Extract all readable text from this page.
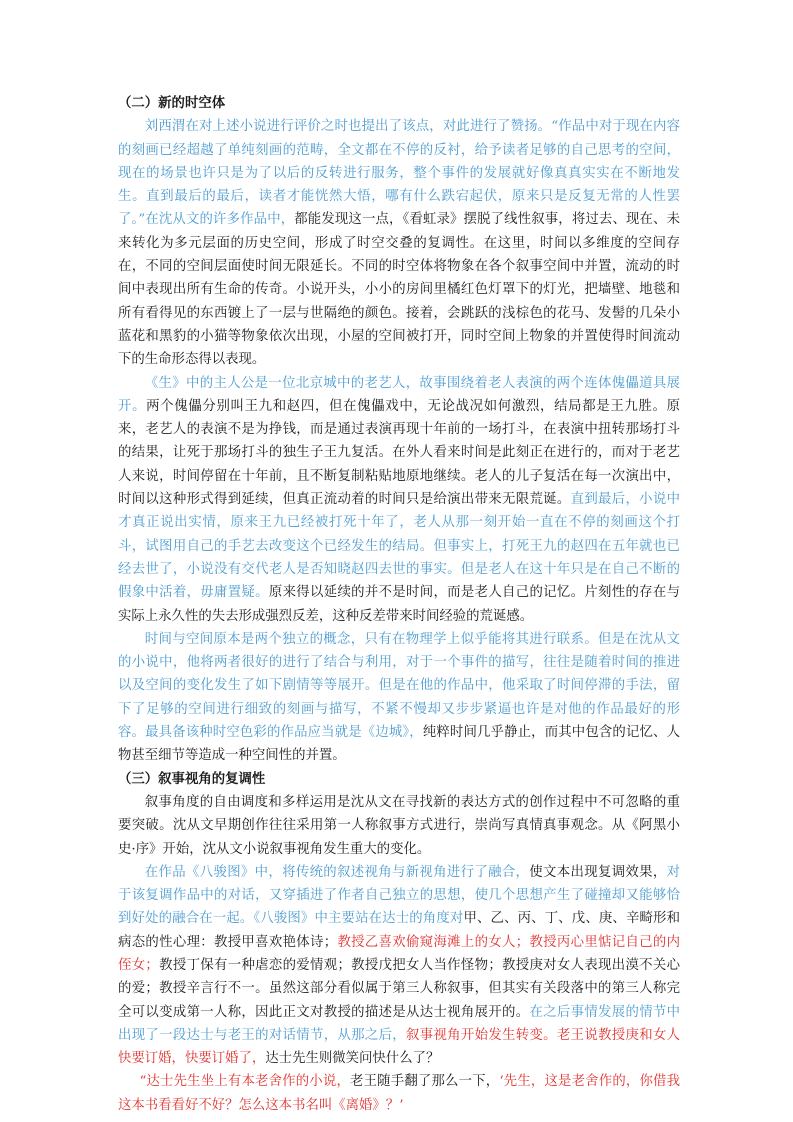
（二）新的时空体

刘西渭在对上述小说进行评价之时也提出了该点，对此进行了赞扬。“作品中对于现在内容的刻画已经超越了单纯刻画的范畴，全文都在不停的反衬，给予读者足够的自己思考的空间，现在的场景也许只是为了以后的反转进行服务，整个事件的发展就好像真真实实在不断地发生。直到最后的最后，读者才能恍然大悟，哪有什么跌宕起伏，原来只是反复无常的人性罢了。”在沈从文的许多作品中，都能发现这一点，《看虹录》摆脱了线性叙事，将过去、现在、未来转化为多元层面的历史空间，形成了时空交叠的复调性。在这里，时间以多维度的空间存在，不同的空间层面使时间无限延长。不同的时空体将物象在各个叙事空间中并置，流动的时间中表现出所有生命的传奇。小说开头，小小的房间里橘红色灯罩下的灯光，把墙壁、地毯和所有看得见的东西镀上了一层与世隔绝的颜色。接着，会跳跃的浅棕色的花马、发髻的几朵小蓝花和黑豹的小猫等物象依次出现，小屋的空间被打开，同时空间上物象的并置使得时间流动下的生命形态得以表现。

《生》中的主人公是一位北京城中的老艺人，故事围绕着老人表演的两个连体傀儡道具展开。两个傀儡分别叫王九和赵四，但在傀儡戏中，无论战况如何激烈，结局都是王九胜。原来，老艺人的表演不是为挣钱，而是通过表演再现十年前的一场打斗，在表演中扭转那场打斗的结果，让死于那场打斗的独生子王九复活。在外人看来时间是此刻正在进行的，而对于老艺人来说，时间停留在十年前，且不断复制粘贴地原地继续。老人的儿子复活在每一次演出中，时间以这种形式得到延续，但真正流动着的时间只是给演出带来无限荒诞。直到最后，小说中才真正说出实情，原来王九已经被打死十年了，老人从那一刻开始一直在不停的刻画这个打斗，试图用自己的手艺去改变这个已经发生的结局。但事实上，打死王九的赵四在五年就也已经去世了，小说没有交代老人是否知晓赵四去世的事实。但是老人在这十年只是在自己不断的假象中活着，毋庸置疑。原来得以延续的并不是时间，而是老人自己的记忆。片刻性的存在与实际上永久性的失去形成强烈反差，这种反差带来时间经验的荒诞感。

时间与空间原本是两个独立的概念，只有在物理学上似乎能将其进行联系。但是在沈从文的小说中，他将两者很好的进行了结合与利用，对于一个事件的描写，往往是随着时间的推进以及空间的变化发生了如下剧情等等展开。但是在他的作品中，他采取了时间停滞的手法，留下了足够的空间进行细致的刻画与描写，不紧不慢却又步步紧逼也许是对他的作品最好的形容。最具备该种时空色彩的作品应当就是《边城》，纯粹时间几乎静止，而其中包含的记忆、人物甚至细节等造成一种空间性的并置。

（三）叙事视角的复调性

叙事角度的自由调度和多样运用是沈从文在寻找新的表达方式的创作过程中不可忽略的重要突破。沈从文早期创作往往采用第一人称叙事方式进行，崇尚写真情真事观念。从《阿黑小史·序》开始，沈从文小说叙事视角发生重大的变化。

在作品《八骏图》中，将传统的叙述视角与新视角进行了融合，使文本出现复调效果，对于该复调作品中的对话，又穿插进了作者自己独立的思想，使几个思想产生了碰撞却又能够恰到好处的融合在一起。《八骏图》中主要站在达士的角度对甲、乙、丙、丁、戊、庚、辛畸形和病态的性心理：教授甲喜欢艳体诗；教授乙喜欢偷窥海滩上的女人；教授丙心里惦记自己的内侄女；教授丁保有一种虐恋的爱情观；教授戊把女人当作怪物；教授庚对女人表现出漠不关心的爱；教授辛言行不一。虽然这部分看似属于第三人称叙事，但其实有关段落中的第三人称完全可以变成第一人称，因此正文对教授的描述是从达士视角展开的。在之后事情发展的情节中出现了一段达士与老王的对话情节，从那之后，叙事视角开始发生转变。老王说教授庚和女人快要订婚，快要订婚了，达士先生则微笑问快什么了？

“达士先生坐上有本老舍作的小说，老王随手翻了那么一下，‘先生，这是老舍作的，你借我这本书看看好不好？怎么这本书名叫《离婚》？’
